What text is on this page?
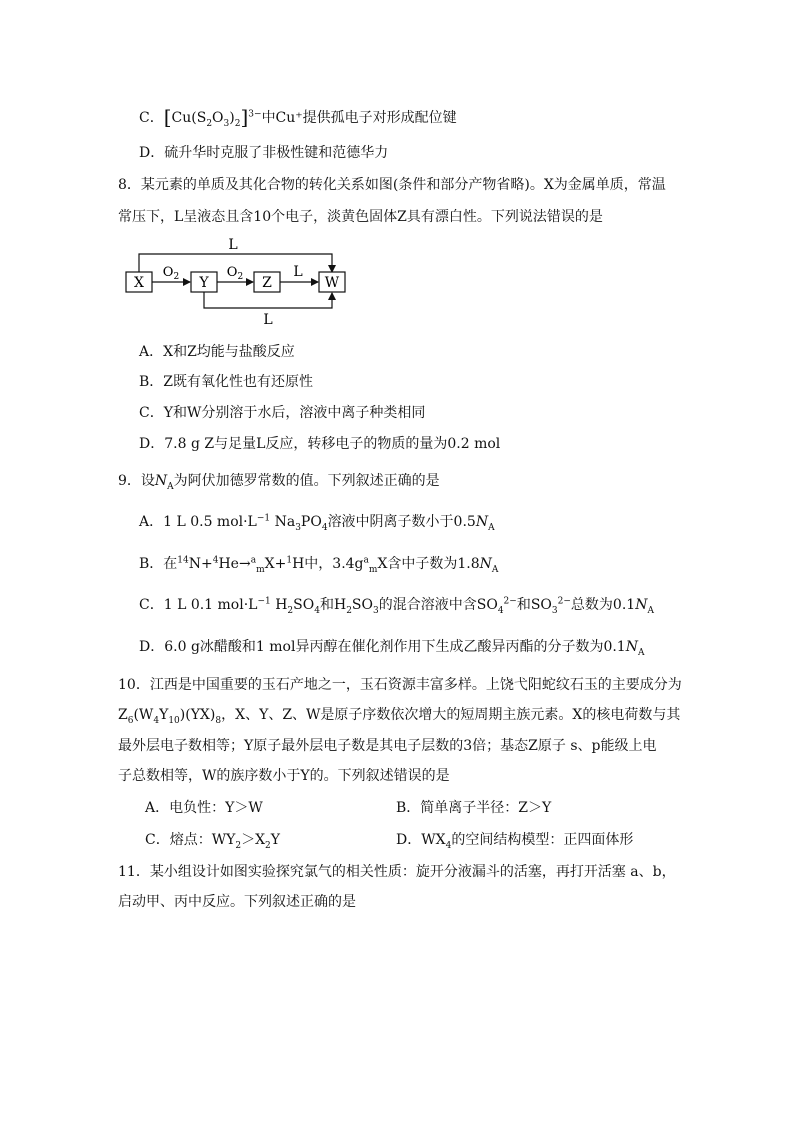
C．$[Cu(S_2O_3)_2]^{3-}$中Cu⁺提供孤电子对形成配位键
D．硫升华时克服了非极性键和范德华力
8．某元素的单质及其化合物的转化关系如图(条件和部分产物省略)。X为金属单质，常温
常压下，L呈液态且含10个电子，淡黄色固体Z具有漂白性。下列说法错误的是
L
X	Y	Z	W
$O_2$	$O_2$	L
L
A．X和Z均能与盐酸反应
B．Z既有氧化性也有还原性
C．Y和W分别溶于水后，溶液中离子种类相同
D．7.8 g Z与足量L反应，转移电子的物质的量为0.2 mol
9．设$N_A$为阿伏加德罗常数的值。下列叙述正确的是
A．1 L 0.5 $mol\cdot L^{-1}$ $Na_3PO_4$溶液中阴离子数小于$0.5N_A$
B．在$^{14}$N+$^4$He→$^a_m$X+$^1$H中，$3.4g^a_mX$含中子数为$1.8N_A$
C．1 L 0.1 $mol\cdot L^{-1}$ $H_2SO_4$和$H_2SO_3$的混合溶液中含$SO_4^{2-}$和$SO_3^{2-}$总数为$0.1N_A$
D．6.0 g冰醋酸和1 mol异丙醇在催化剂作用下生成乙酸异丙酯的分子数为$0.1N_A$
10．江西是中国重要的玉石产地之一，玉石资源丰富多样。上饶弋阳蛇纹石玉的主要成分为
$Z_6(W_4Y_{10})(YX)_8$，X、Y、Z、W是原子序数依次增大的短周期主族元素。X的核电荷数与其
最外层电子数相等；Y原子最外层电子数是其电子层数的3倍；基态Z原子 s、p能级上电
子总数相等，W的族序数小于Y的。下列叙述错误的是
A．电负性：Y＞W	B．简单离子半径：Z＞Y
C．熔点：$WY_2>X_2Y$	D．$WX_4$的空间结构模型：正四面体形
11．某小组设计如图实验探究氯气的相关性质：旋开分液漏斗的活塞，再打开活塞 a、b，
启动甲、丙中反应。下列叙述正确的是
